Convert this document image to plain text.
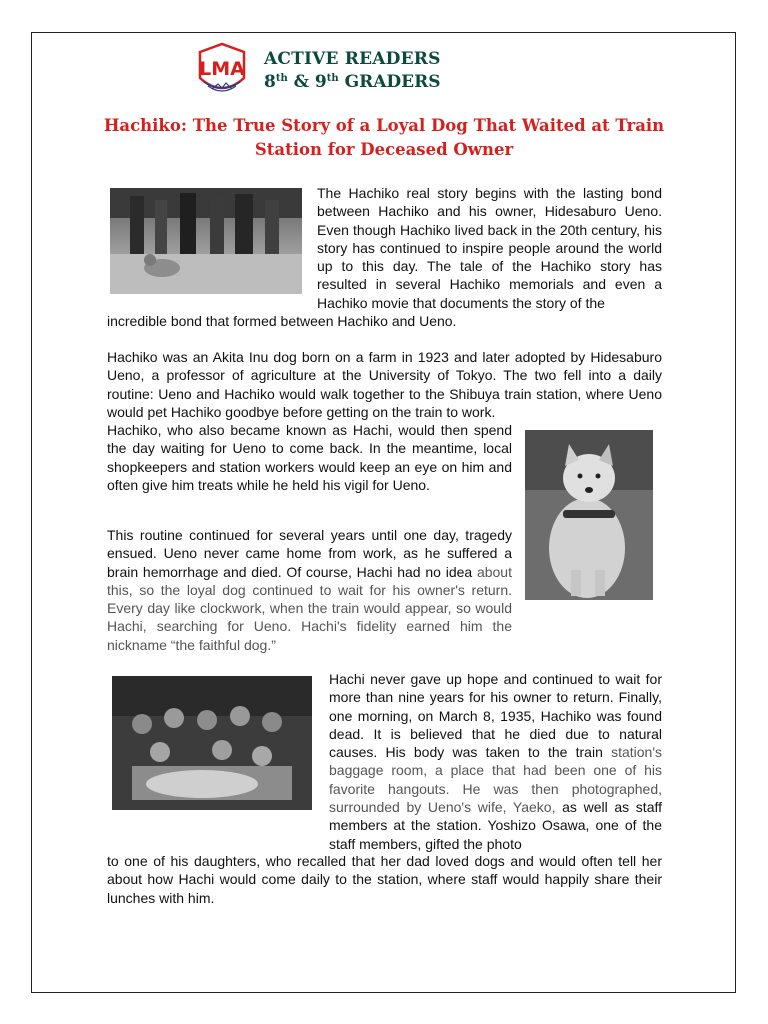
LMA ACTIVE READERS
8th & 9th GRADERS
Hachiko: The True Story of a Loyal Dog That Waited at Train
Station for Deceased Owner
The Hachiko real story begins with the lasting bond between Hachiko and his owner, Hidesaburo Ueno. Even though Hachiko lived back in the 20th century, his story has continued to inspire people around the world up to this day. The tale of the Hachiko story has resulted in several Hachiko memorials and even a Hachiko movie that documents the story of the
incredible bond that formed between Hachiko and Ueno.
Hachiko was an Akita Inu dog born on a farm in 1923 and later adopted by Hidesaburo Ueno, a professor of agriculture at the University of Tokyo. The two fell into a daily routine: Ueno and Hachiko would walk together to the Shibuya train station, where Ueno would pet Hachiko goodbye before getting on the train to work.
Hachiko, who also became known as Hachi, would then spend the day waiting for Ueno to come back. In the meantime, local shopkeepers and station workers would keep an eye on him and often give him treats while he held his vigil for Ueno.
This routine continued for several years until one day, tragedy ensued. Ueno never came home from work, as he suffered a brain hemorrhage and died. Of course, Hachi had no idea about this, so the loyal dog continued to wait for his owner's return. Every day like clockwork, when the train would appear, so would Hachi, searching for Ueno. Hachi's fidelity earned him the nickname “the faithful dog.”
Hachi never gave up hope and continued to wait for more than nine years for his owner to return. Finally, one morning, on March 8, 1935, Hachiko was found dead. It is believed that he died due to natural causes. His body was taken to the train station's baggage room, a place that had been one of his favorite hangouts. He was then photographed, surrounded by Ueno's wife, Yaeko, as well as staff members at the station. Yoshizo Osawa, one of the staff members, gifted the photo
to one of his daughters, who recalled that her dad loved dogs and would often tell her about how Hachi would come daily to the station, where staff would happily share their lunches with him.
